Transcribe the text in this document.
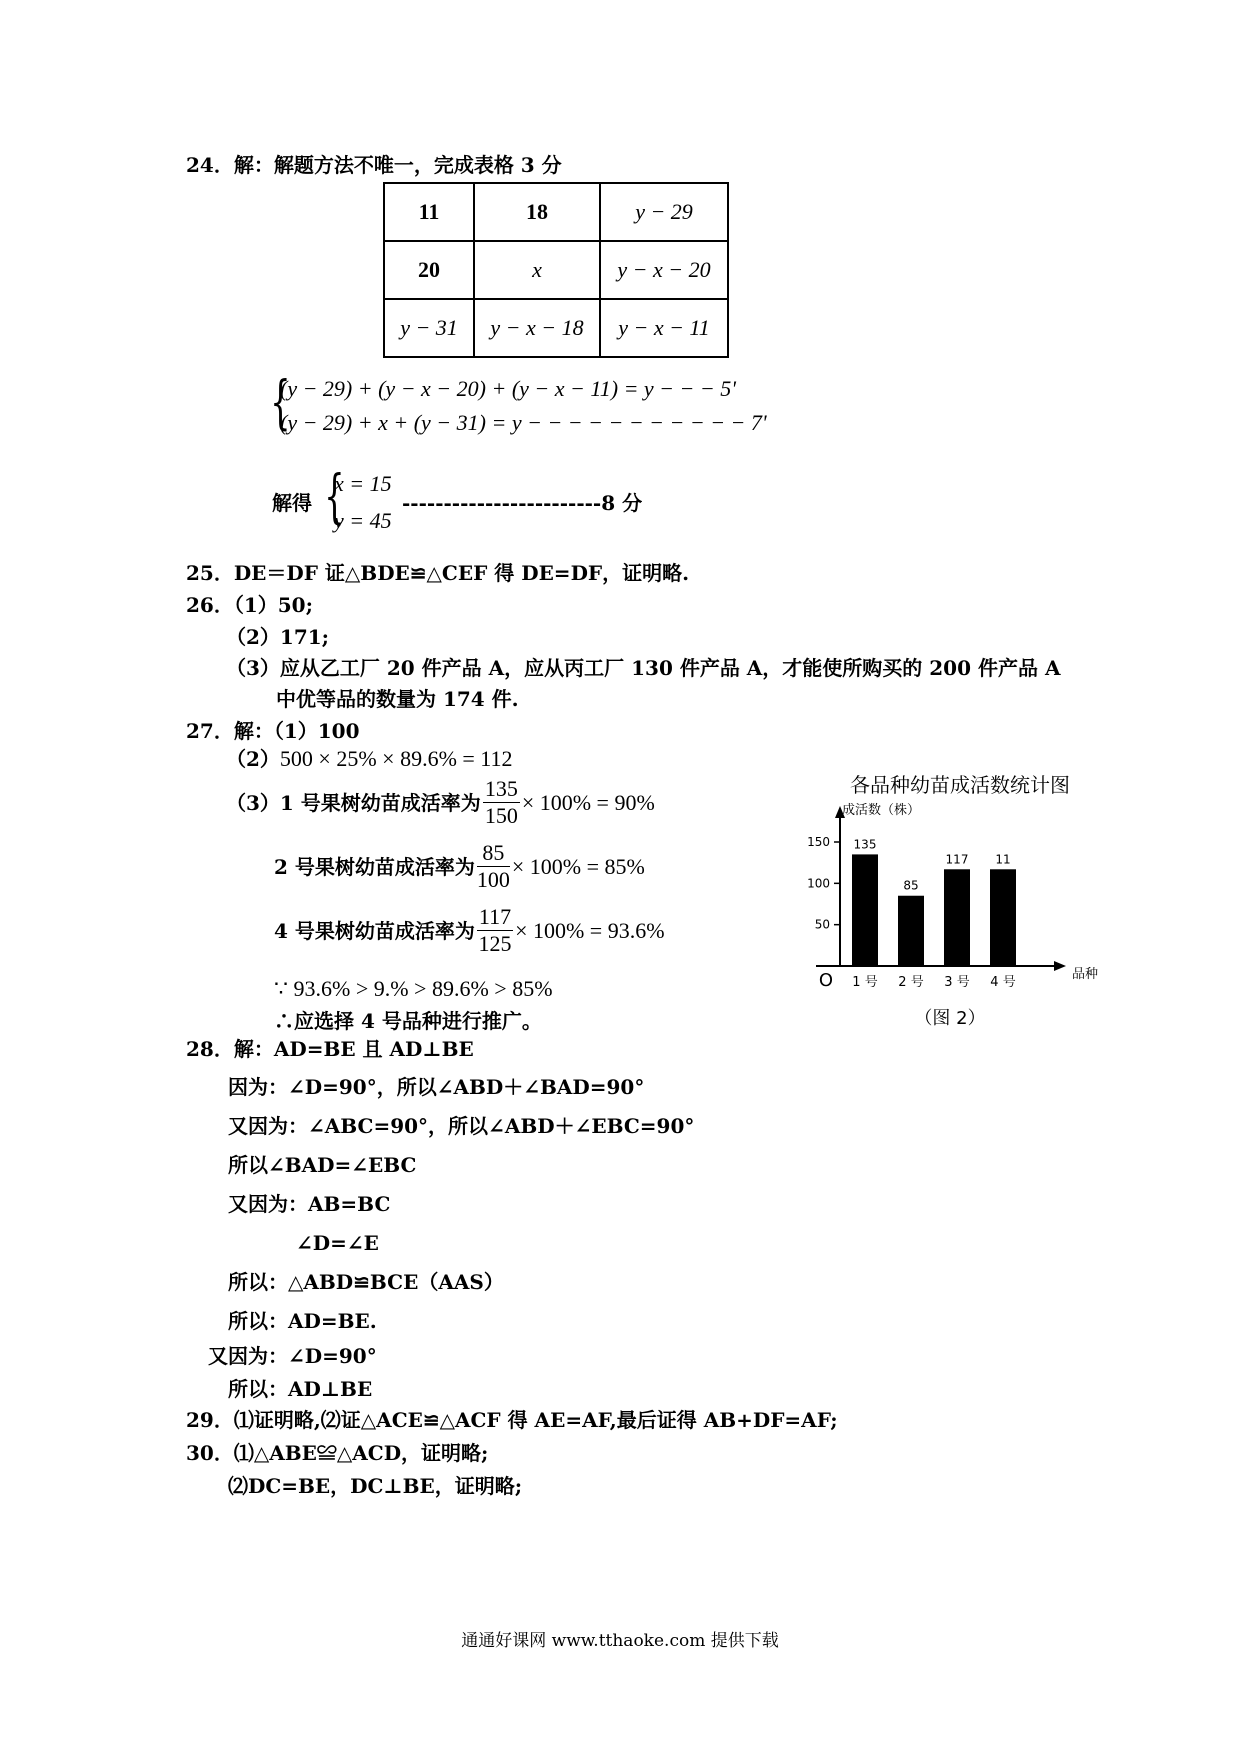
24．解：解题方法不唯一，完成表格 3 分
11	18	y − 29
20	x	y − x − 20
y − 31	y − x − 18	y − x − 11
{
(y − 29) + (y − x − 20) + (y − x − 11) = y − − − 5'
(y − 29) + x + (y − 31) = y − − − − − − − − − − − 7'
解得 {
x = 15
y = 45
------------------------8 分
25．DE＝DF 证△BDE≌△CEF 得 DE=DF，证明略.
26．（1）50;
（2）171;
（3）应从乙工厂 20 件产品 A，应从丙工厂 130 件产品 A，才能使所购买的 200 件产品 A
中优等品的数量为 174 件.
27．解：（1）100
（2） 500 × 25% × 89.6% = 112
（3） 1 号果树幼苗成活率为 $\frac{135}{150} \times 100\% = 90\%$
2 号果树幼苗成活率为 $\frac{85}{100} \times 100\% = 85\%$
4 号果树幼苗成活率为 $\frac{117}{125} \times 100\% = 93.6\%$
∵ 93.6% > 9.% > 89.6% > 85%
∴应选择 4 号品种进行推广。
各品种幼苗成活数统计图
成活数（株）
O	品种
150
100
50
135
1 号
85
2 号
117
3 号
11
4 号
（图 2）
28．解：AD=BE 且 AD⊥BE
因为：∠D=90°，所以∠ABD＋∠BAD=90°
又因为：∠ABC=90°，所以∠ABD＋∠EBC=90°
所以∠BAD=∠EBC
又因为：AB=BC
∠D=∠E
所以：△ABD≌BCE（AAS）
所以：AD=BE.
又因为：∠D=90°
所以：AD⊥BE
29．⑴证明略,⑵证△ACE≌△ACF 得 AE=AF,最后证得 AB+DF=AF;
30．⑴△ABE≌△ACD，证明略;
⑵DC=BE，DC⊥BE，证明略;
通通好课网 www.tthaoke.com 提供下载
